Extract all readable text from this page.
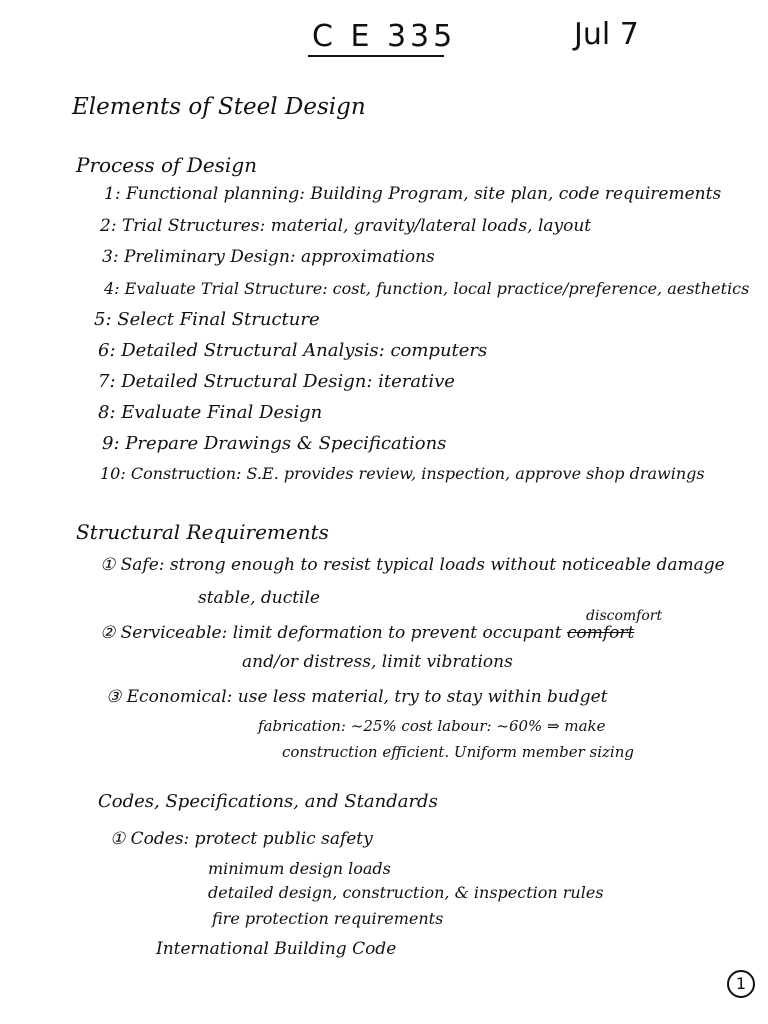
C E 335	Jul 7
Elements of Steel Design
Process of Design
1: Functional planning: Building Program, site plan, code requirements
2: Trial Structures: material, gravity/lateral loads, layout
3: Preliminary Design: approximations
4: Evaluate Trial Structure: cost, function, local practice/preference, aesthetics
5: Select Final Structure
6: Detailed Structural Analysis: computers
7: Detailed Structural Design: iterative
8: Evaluate Final Design
9: Prepare Drawings & Specifications
10: Construction: S.E. provides review, inspection, approve shop drawings
Structural Requirements
① Safe: strong enough to resist typical loads without noticeable damage
stable, ductile
discomfort
② Serviceable: limit deformation to prevent occupant comfort
and/or distress, limit vibrations
③ Economical: use less material, try to stay within budget
fabrication: ~25% cost labour: ~60% ⇒ make
construction efficient. Uniform member sizing
Codes, Specifications, and Standards
① Codes: protect public safety
minimum design loads
detailed design, construction, & inspection rules
fire protection requirements
International Building Code
1
